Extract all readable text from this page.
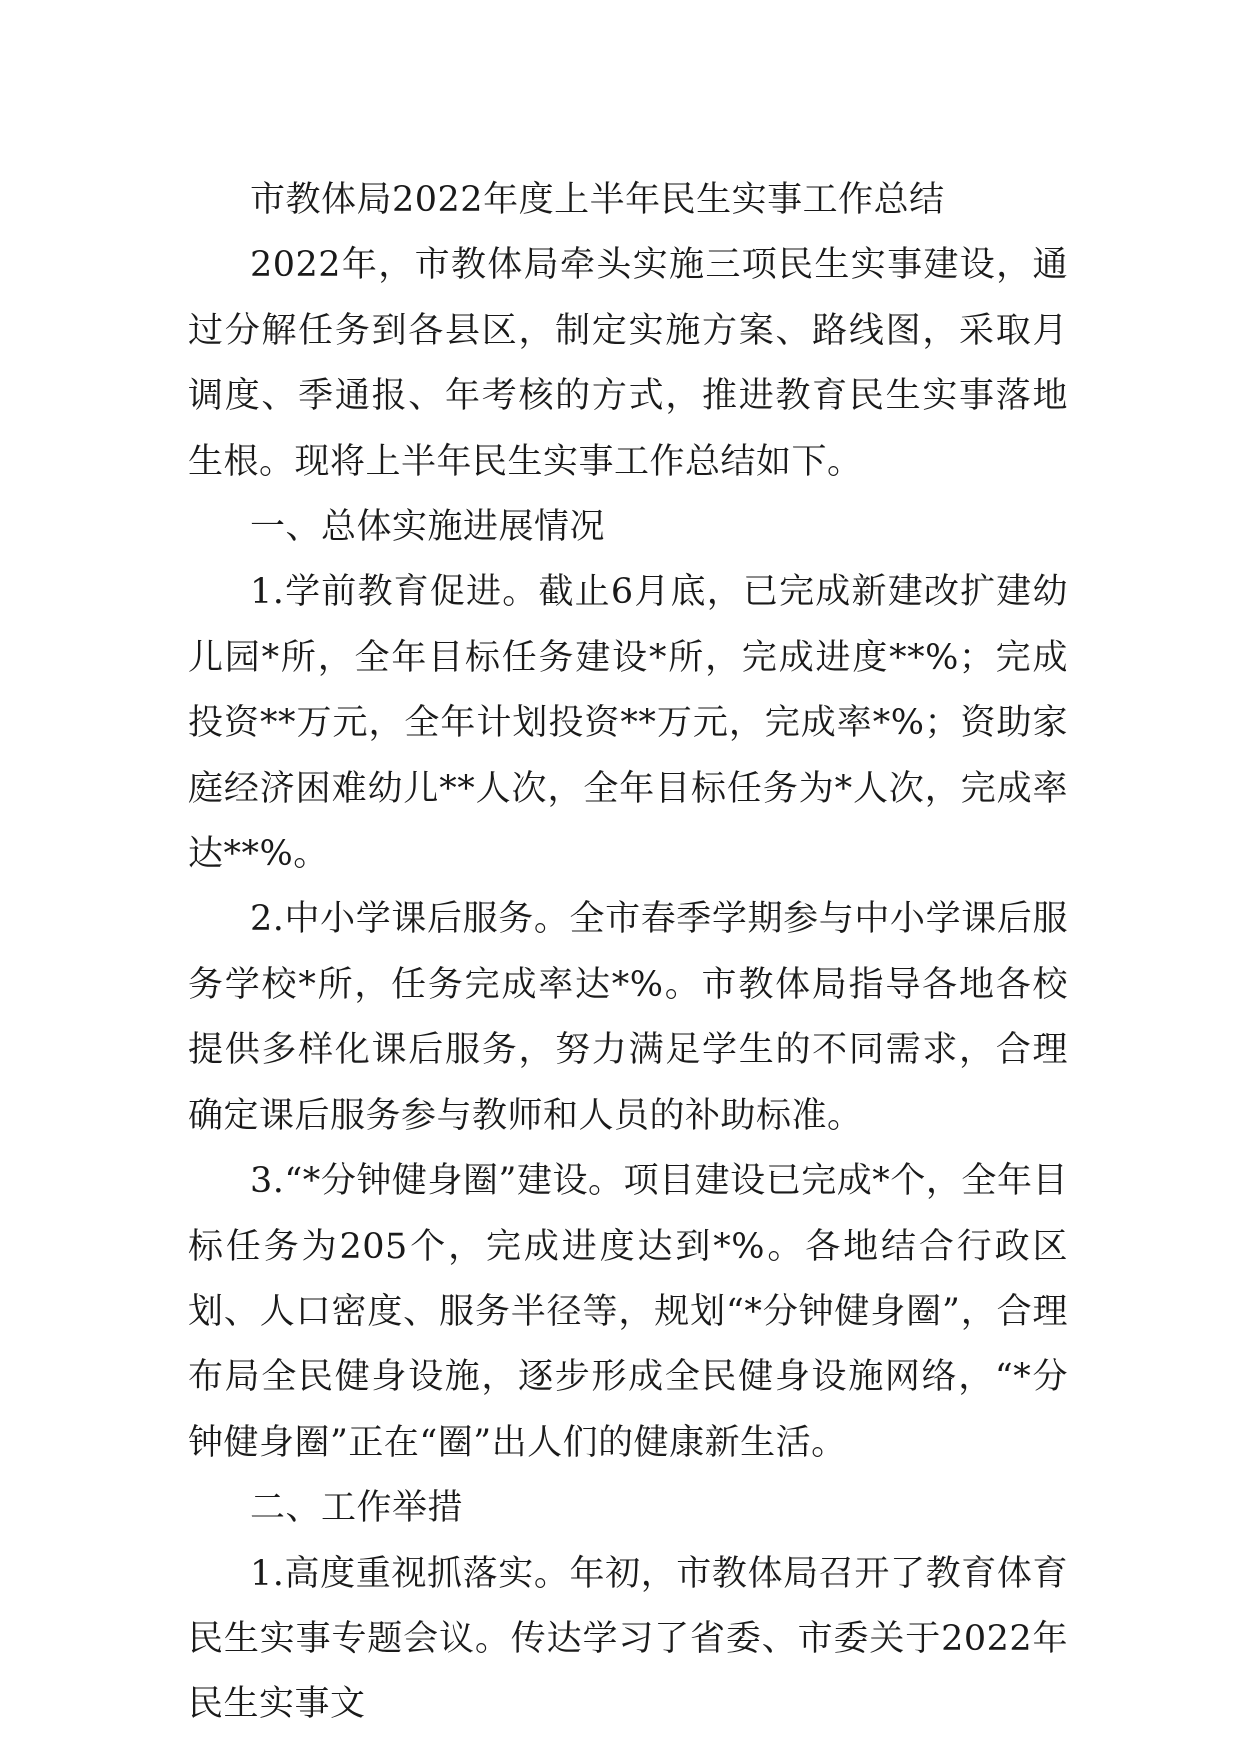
市教体局2022年度上半年民生实事工作总结

2022年，市教体局牵头实施三项民生实事建设，通过分解任务到各县区，制定实施方案、路线图，采取月调度、季通报、年考核的方式，推进教育民生实事落地生根。现将上半年民生实事工作总结如下。

一、总体实施进展情况

1.学前教育促进。截止6月底，已完成新建改扩建幼儿园*所，全年目标任务建设*所，完成进度**%；完成投资**万元，全年计划投资**万元，完成率*%；资助家庭经济困难幼儿**人次，全年目标任务为*人次，完成率达**%。

2.中小学课后服务。全市春季学期参与中小学课后服务学校*所，任务完成率达*%。市教体局指导各地各校提供多样化课后服务，努力满足学生的不同需求，合理确定课后服务参与教师和人员的补助标准。

3.“*分钟健身圈”建设。项目建设已完成*个，全年目标任务为205个，完成进度达到*%。各地结合行政区划、人口密度、服务半径等，规划“*分钟健身圈”，合理布局全民健身设施，逐步形成全民健身设施网络，“*分钟健身圈”正在“圈”出人们的健康新生活。

二、工作举措

1.高度重视抓落实。年初，市教体局召开了教育体育民生实事专题会议。传达学习了省委、市委关于2022年民生实事文
